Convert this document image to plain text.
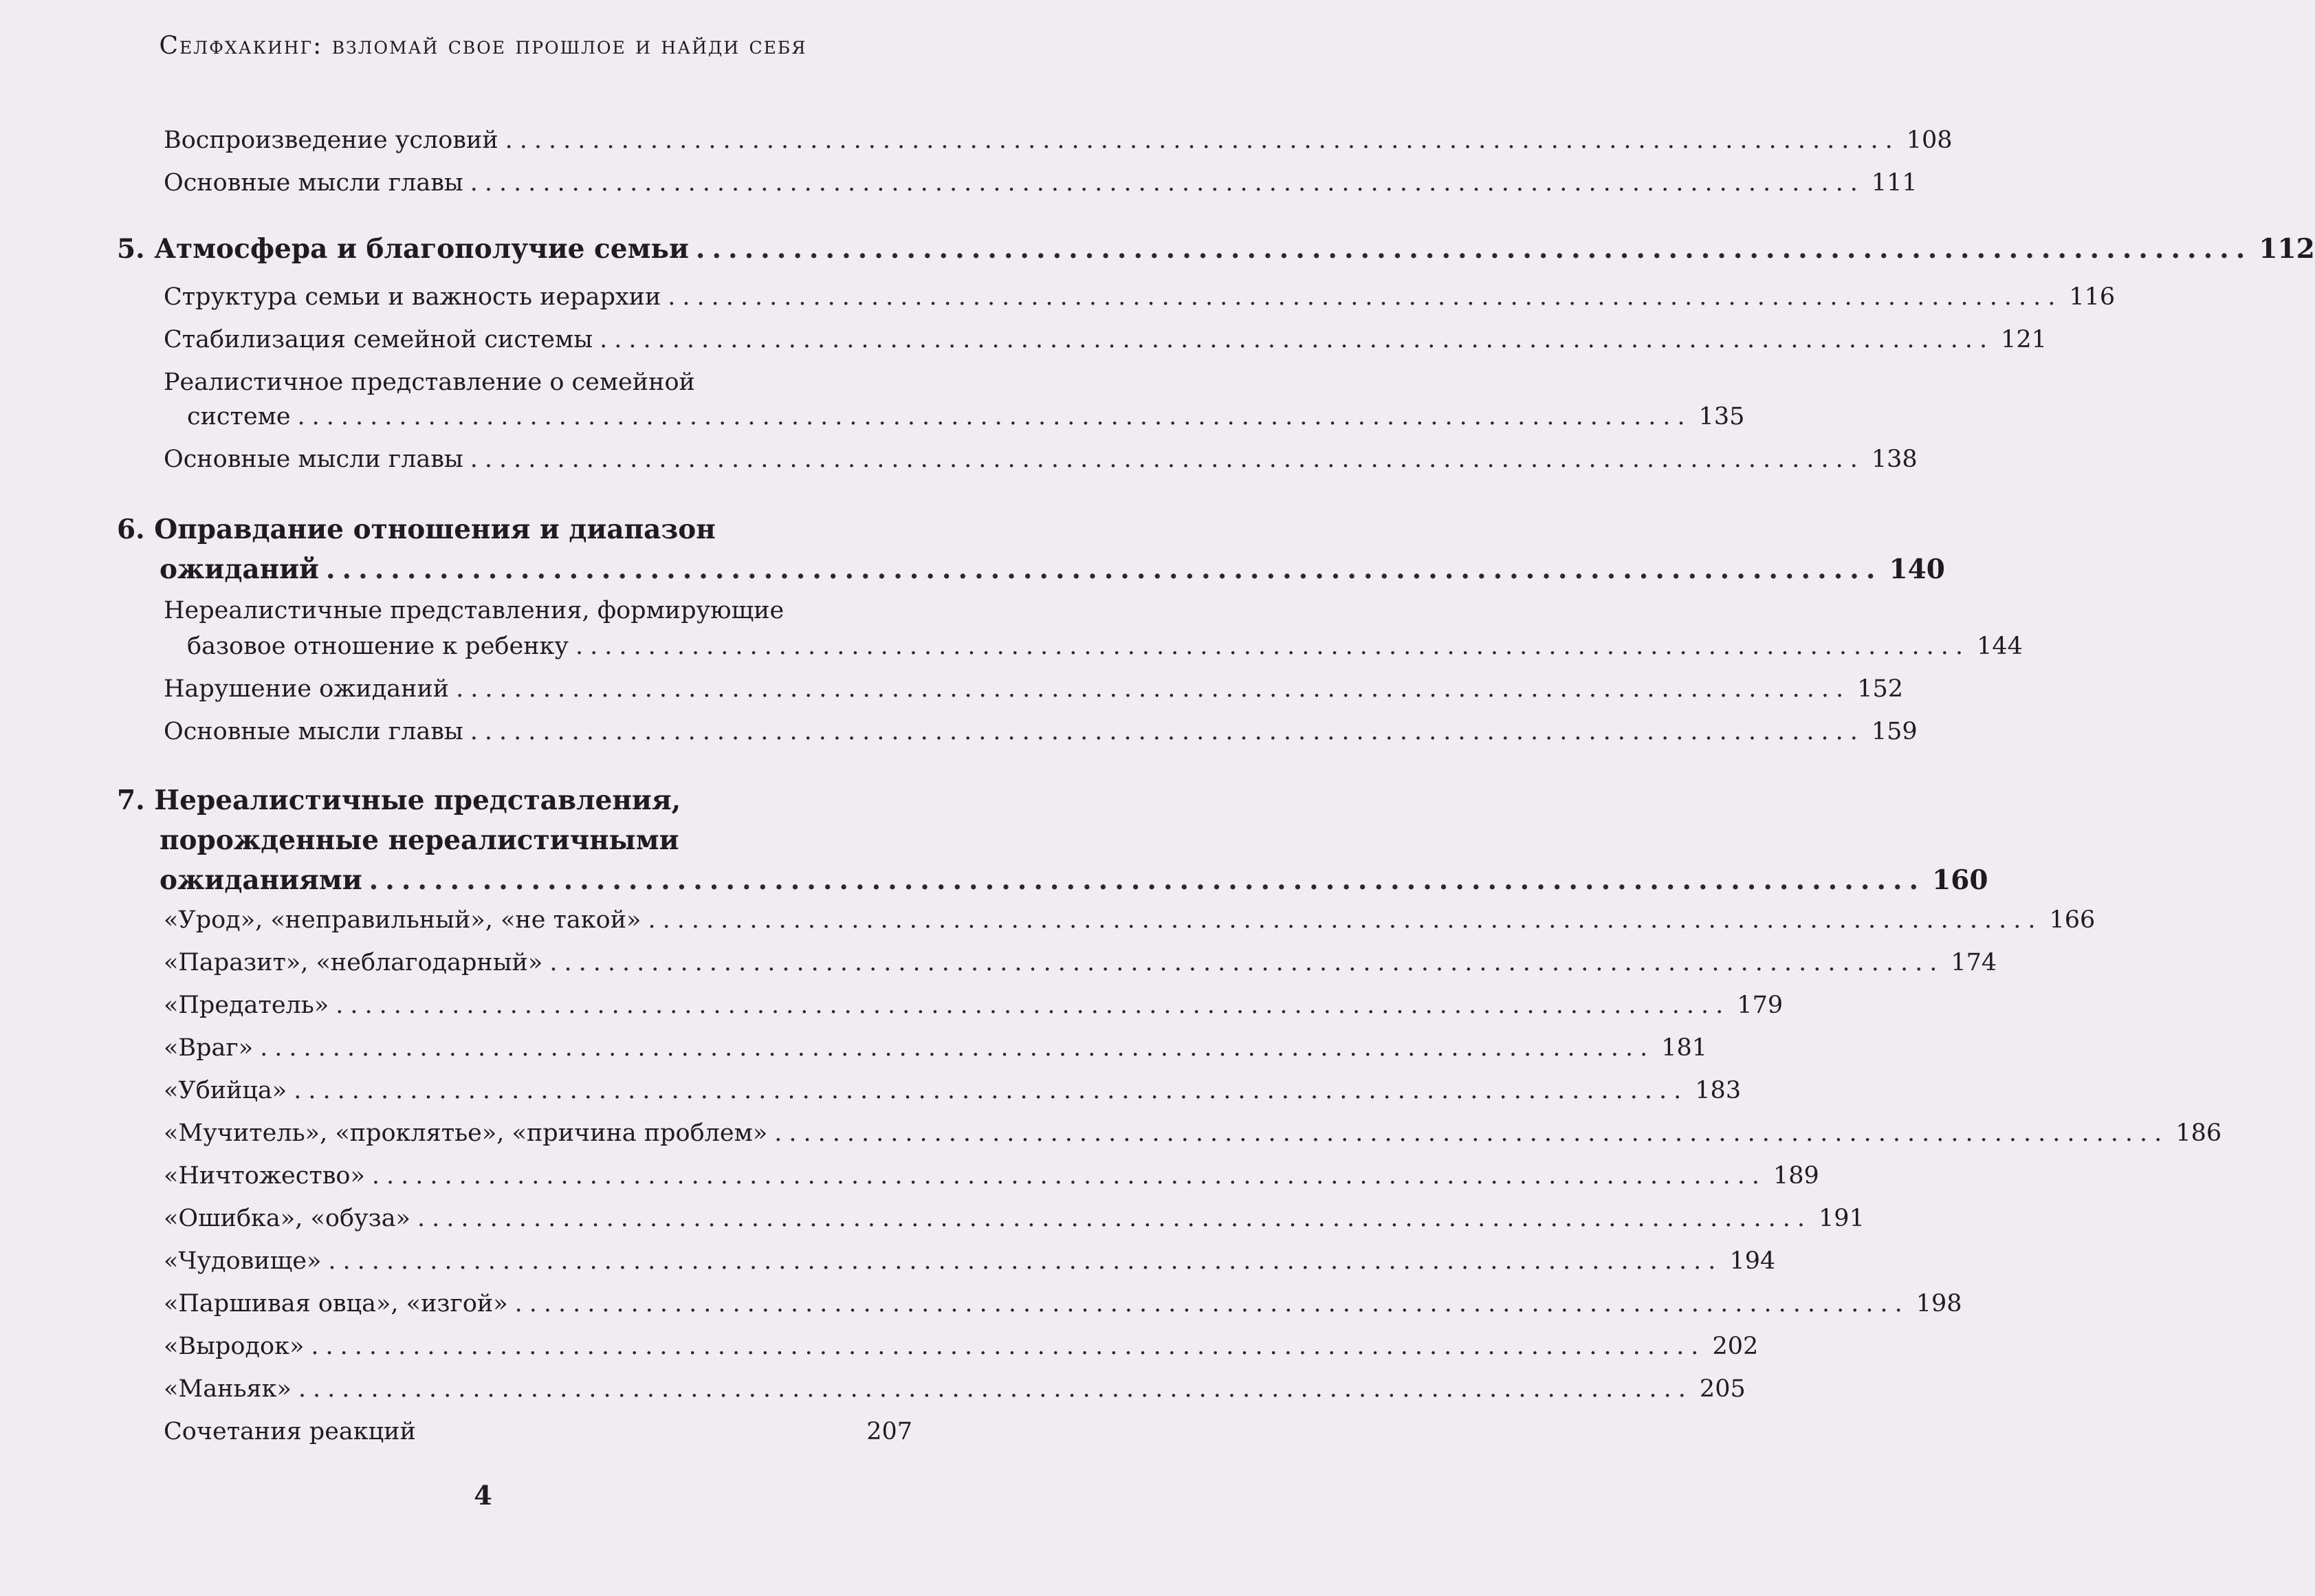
Селфхакинг: взломай свое прошлое и найди себя
Воспроизведение условий ................................................................................................ 108
Основные мысли главы ................................................................................................ 111
5. Атмосфера и благополучие семьи ................................................................................................ 112
Структура семьи и важность иерархии ................................................................................................ 116
Стабилизация семейной системы ................................................................................................ 121
Реалистичное представление о семейной
системе ................................................................................................ 135
Основные мысли главы ................................................................................................ 138
6. Оправдание отношения и диапазон
ожиданий ................................................................................................ 140
Нереалистичные представления, формирующие
базовое отношение к ребенку ................................................................................................ 144
Нарушение ожиданий ................................................................................................ 152
Основные мысли главы ................................................................................................ 159
7. Нереалистичные представления,
порожденные нереалистичными
ожиданиями ................................................................................................ 160
«Урод», «неправильный», «не такой» ................................................................................................ 166
«Паразит», «неблагодарный» ................................................................................................ 174
«Предатель» ................................................................................................ 179
«Враг» ................................................................................................ 181
«Убийца» ................................................................................................ 183
«Мучитель», «проклятье», «причина проблем» ................................................................................................ 186
«Ничтожество» ................................................................................................ 189
«Ошибка», «обуза» ................................................................................................ 191
«Чудовище» ................................................................................................ 194
«Паршивая овца», «изгой» ................................................................................................ 198
«Выродок» ................................................................................................ 202
«Маньяк» ................................................................................................ 205
Сочетания реакций	207
4
